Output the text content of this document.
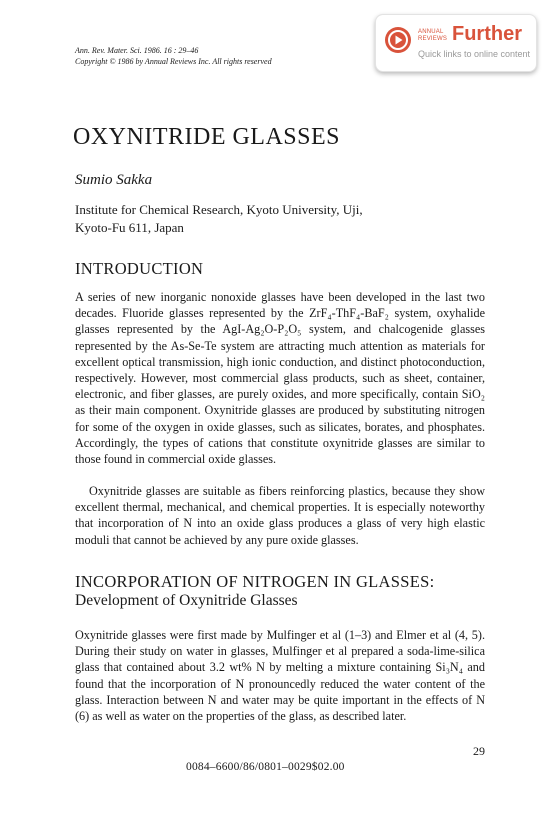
Ann. Rev. Mater. Sci. 1986. 16 : 29–46
Copyright © 1986 by Annual Reviews Inc. All rights reserved
ANNUAL
REVIEWS Further
Quick links to online content
OXYNITRIDE GLASSES
Sumio Sakka
Institute for Chemical Research, Kyoto University, Uji,
Kyoto-Fu 611, Japan
INTRODUCTION

A series of new inorganic nonoxide glasses have been developed in the last two decades. Fluoride glasses represented by the ZrF₄-ThF₄-BaF₂ system, oxyhalide glasses represented by the AgI-Ag₂O-P₂O₅ system, and chalcogenide glasses represented by the As-Se-Te system are attracting much attention as materials for excellent optical transmission, high ionic conduction, and distinct photoconduction, respectively. However, most commercial glass products, such as sheet, container, electronic, and fiber glasses, are purely oxides, and more specifically, contain SiO₂ as their main component. Oxynitride glasses are produced by substituting nitrogen for some of the oxygen in oxide glasses, such as silicates, borates, and phosphates. Accordingly, the types of cations that constitute oxynitride glasses are similar to those found in commercial oxide glasses.

Oxynitride glasses are suitable as fibers reinforcing plastics, because they show excellent thermal, mechanical, and chemical properties. It is especially noteworthy that incorporation of N into an oxide glass produces a glass of very high elastic moduli that cannot be achieved by any pure oxide glasses.

INCORPORATION OF NITROGEN IN GLASSES:
Development of Oxynitride Glasses

Oxynitride glasses were first made by Mulfinger et al (1–3) and Elmer et al (4, 5). During their study on water in glasses, Mulfinger et al prepared a soda-lime-silica glass that contained about 3.2 wt% N by melting a mixture containing Si₃N₄ and found that the incorporation of N pronouncedly reduced the water content of the glass. Interaction between N and water may be quite important in the effects of N (6) as well as water on the properties of the glass, as described later.

29
0084–6600/86/0801–0029$02.00
